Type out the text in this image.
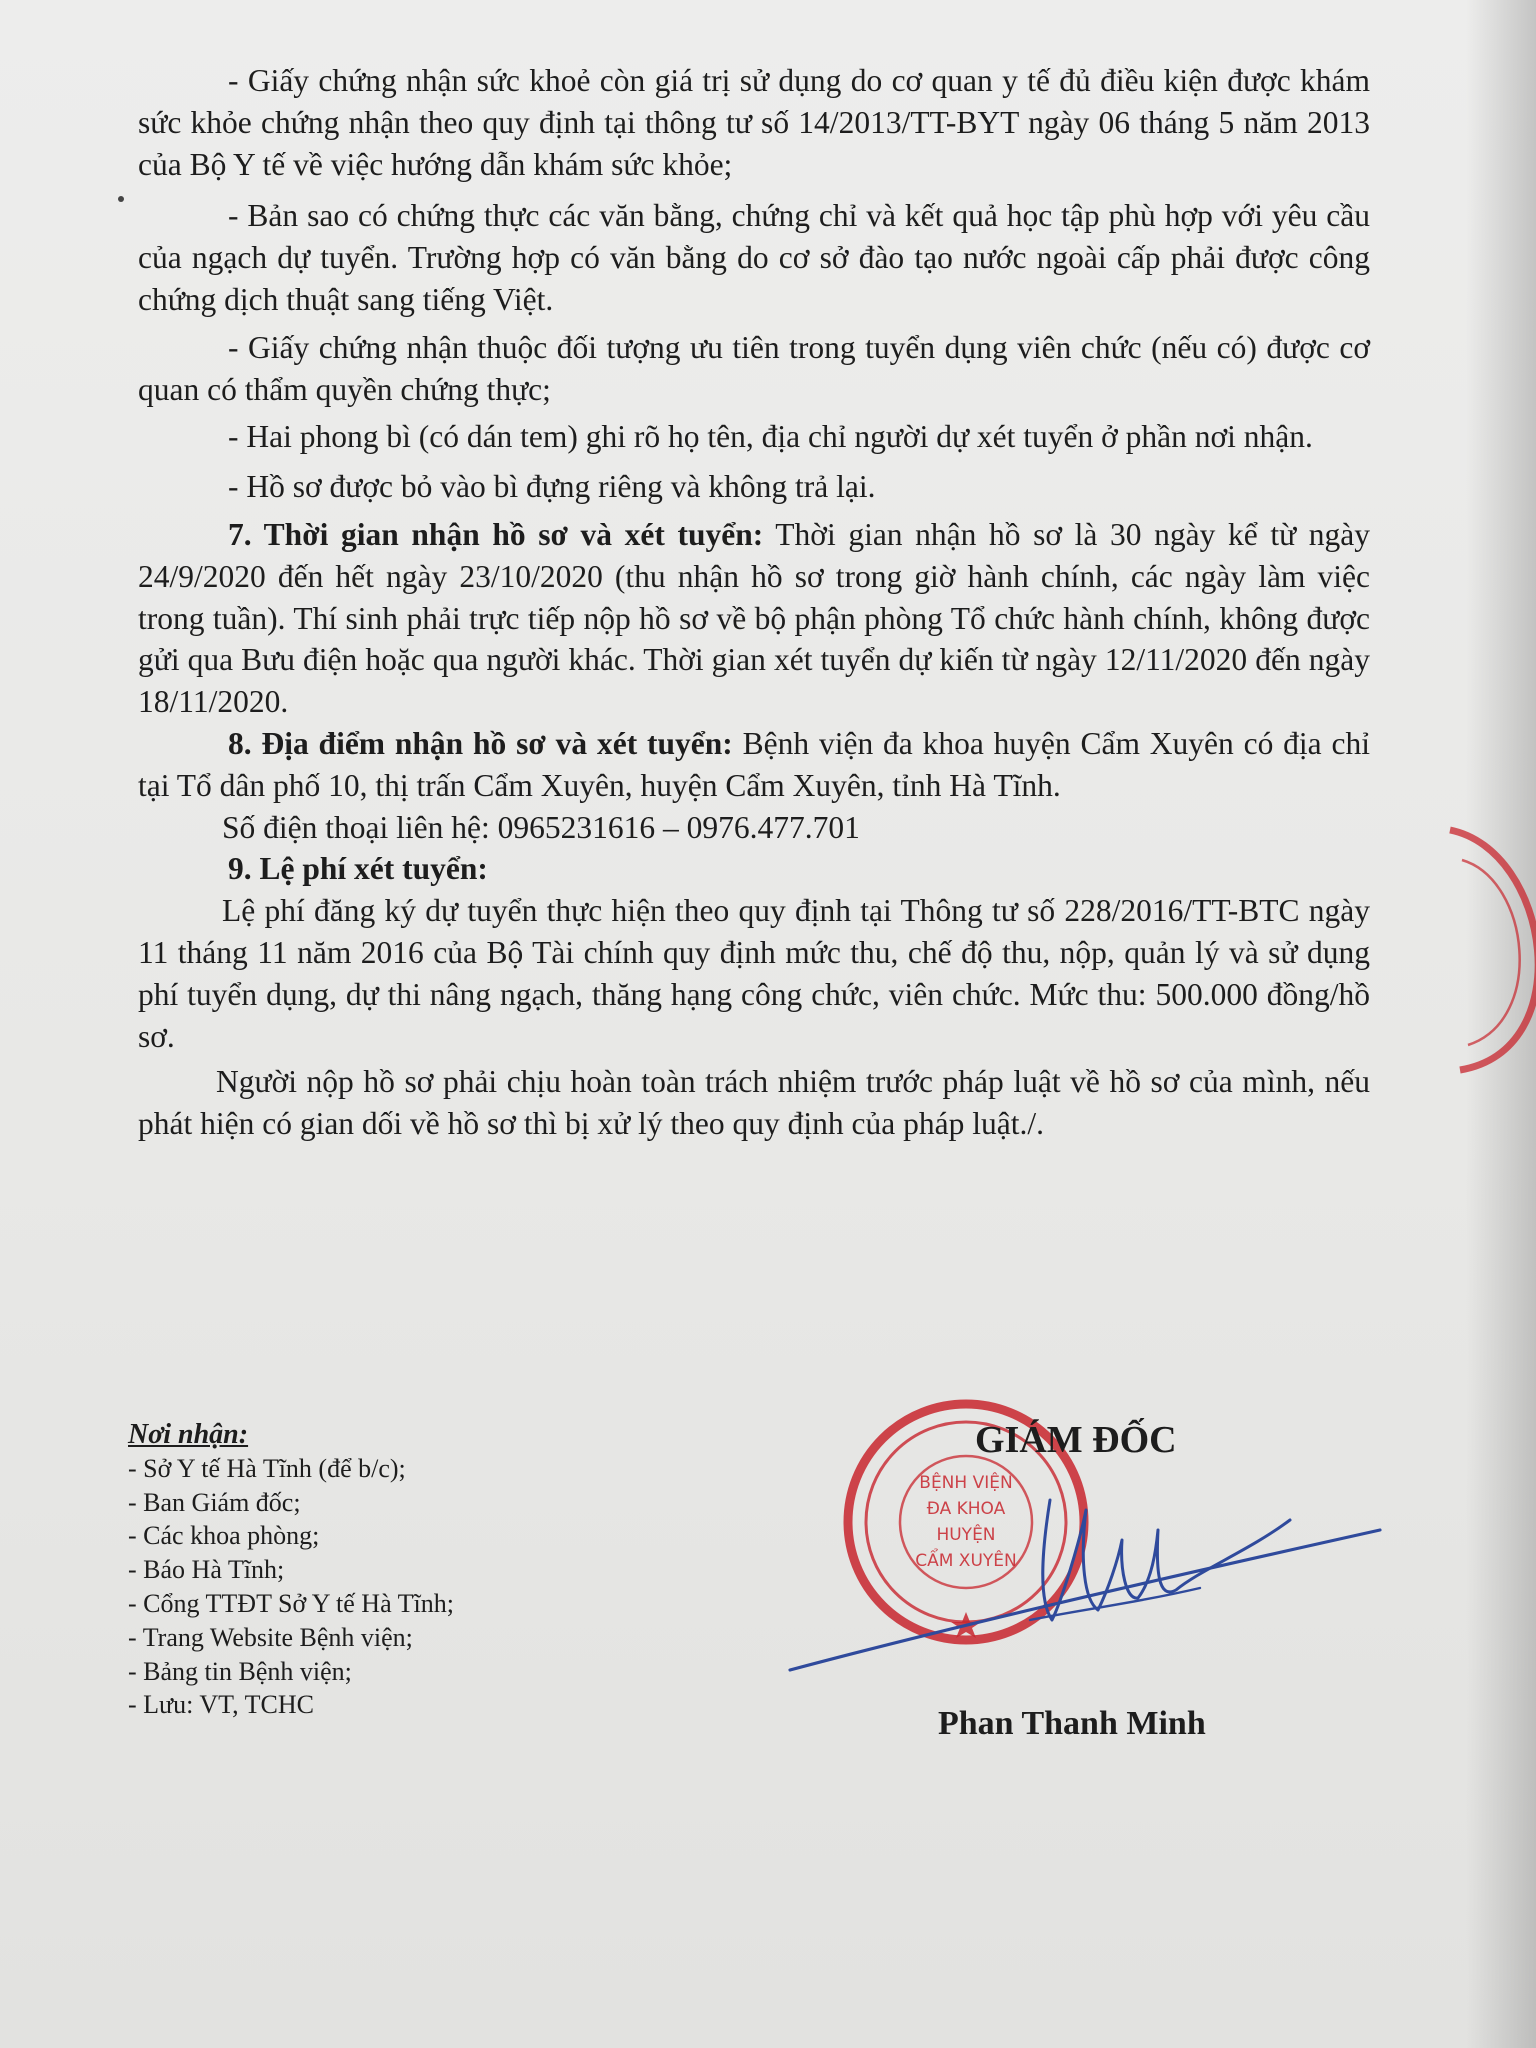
- Giấy chứng nhận sức khoẻ còn giá trị sử dụng do cơ quan y tế đủ điều kiện được khám sức khỏe chứng nhận theo quy định tại thông tư số 14/2013/TT-BYT ngày 06 tháng 5 năm 2013 của Bộ Y tế về việc hướng dẫn khám sức khỏe;

- Bản sao có chứng thực các văn bằng, chứng chỉ và kết quả học tập phù hợp với yêu cầu của ngạch dự tuyển. Trường hợp có văn bằng do cơ sở đào tạo nước ngoài cấp phải được công chứng dịch thuật sang tiếng Việt.

- Giấy chứng nhận thuộc đối tượng ưu tiên trong tuyển dụng viên chức (nếu có) được cơ quan có thẩm quyền chứng thực;

- Hai phong bì (có dán tem) ghi rõ họ tên, địa chỉ người dự xét tuyển ở phần nơi nhận.

- Hồ sơ được bỏ vào bì đựng riêng và không trả lại.

7. Thời gian nhận hồ sơ và xét tuyển: Thời gian nhận hồ sơ là 30 ngày kể từ ngày 24/9/2020 đến hết ngày 23/10/2020 (thu nhận hồ sơ trong giờ hành chính, các ngày làm việc trong tuần). Thí sinh phải trực tiếp nộp hồ sơ về bộ phận phòng Tổ chức hành chính, không được gửi qua Bưu điện hoặc qua người khác. Thời gian xét tuyển dự kiến từ ngày 12/11/2020 đến ngày 18/11/2020.

8. Địa điểm nhận hồ sơ và xét tuyển: Bệnh viện đa khoa huyện Cẩm Xuyên có địa chỉ tại Tổ dân phố 10, thị trấn Cẩm Xuyên, huyện Cẩm Xuyên, tỉnh Hà Tĩnh.

Số điện thoại liên hệ: 0965231616 – 0976.477.701

9. Lệ phí xét tuyển:

Lệ phí đăng ký dự tuyển thực hiện theo quy định tại Thông tư số 228/2016/TT-BTC ngày 11 tháng 11 năm 2016 của Bộ Tài chính quy định mức thu, chế độ thu, nộp, quản lý và sử dụng phí tuyển dụng, dự thi nâng ngạch, thăng hạng công chức, viên chức. Mức thu: 500.000 đồng/hồ sơ.

Người nộp hồ sơ phải chịu hoàn toàn trách nhiệm trước pháp luật về hồ sơ của mình, nếu phát hiện có gian dối về hồ sơ thì bị xử lý theo quy định của pháp luật./.

Nơi nhận:
- Sở Y tế Hà Tĩnh (để b/c);
- Ban Giám đốc;
- Các khoa phòng;
- Báo Hà Tĩnh;
- Cổng TTĐT Sở Y tế Hà Tĩnh;
- Trang Website Bệnh viện;
- Bảng tin Bệnh viện;
- Lưu: VT, TCHC
BỆNH VIỆN
ĐA KHOA
HUYỆN
CẨM XUYÊN
GIÁM ĐỐC
Phan Thanh Minh
